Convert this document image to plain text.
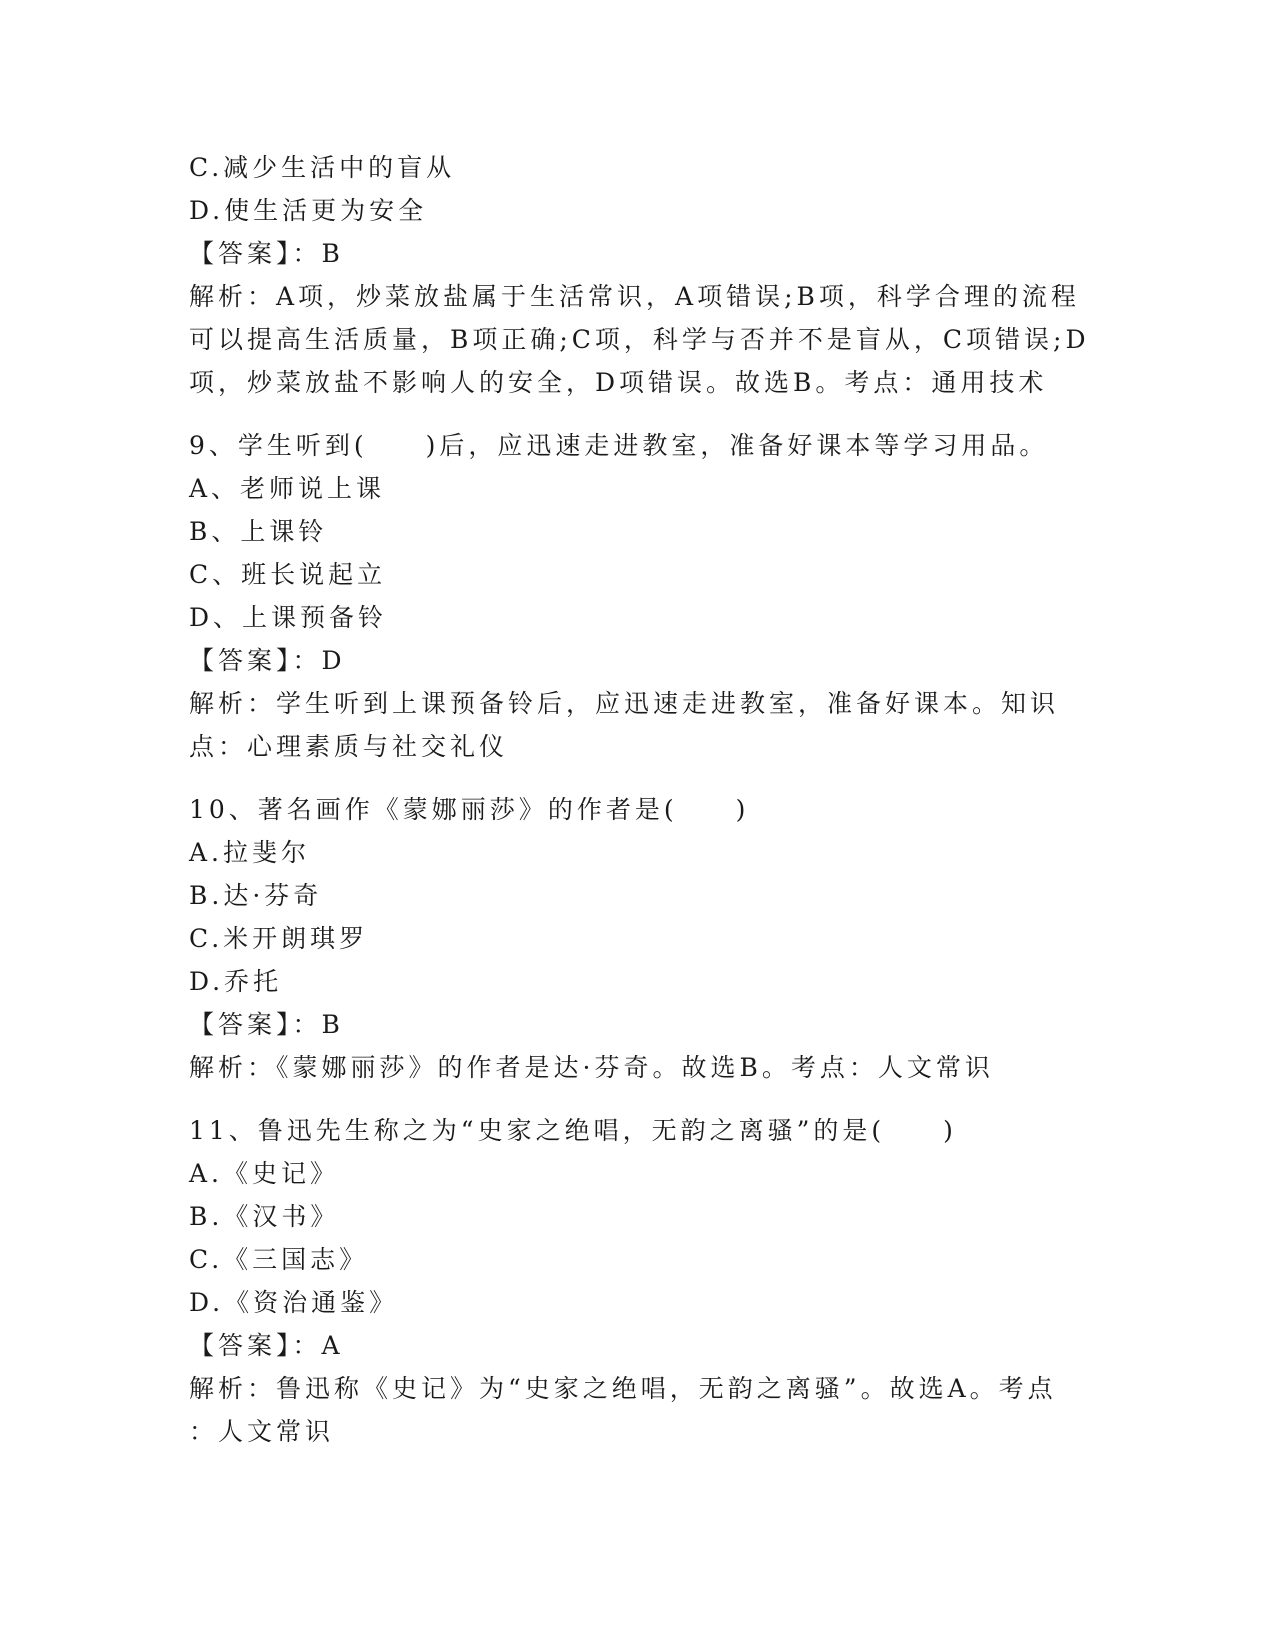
C.减少生活中的盲从
D.使生活更为安全
【答案】：B
解析：A项，炒菜放盐属于生活常识，A项错误;B项，科学合理的流程
可以提高生活质量，B项正确;C项，科学与否并不是盲从，C项错误;D
项，炒菜放盐不影响人的安全，D项错误。故选B。考点：通用技术
9、学生听到(　　)后，应迅速走进教室，准备好课本等学习用品。
A、老师说上课
B、上课铃
C、班长说起立
D、上课预备铃
【答案】：D
解析：学生听到上课预备铃后，应迅速走进教室，准备好课本。知识
点：心理素质与社交礼仪
10、著名画作《蒙娜丽莎》的作者是(　　)
A.拉斐尔
B.达·芬奇
C.米开朗琪罗
D.乔托
【答案】：B
解析：《蒙娜丽莎》的作者是达·芬奇。故选B。考点：人文常识
11、鲁迅先生称之为“史家之绝唱，无韵之离骚”的是(　　)
A.《史记》
B.《汉书》
C.《三国志》
D.《资治通鉴》
【答案】：A
解析：鲁迅称《史记》为“史家之绝唱，无韵之离骚”。故选A。考点
：人文常识
